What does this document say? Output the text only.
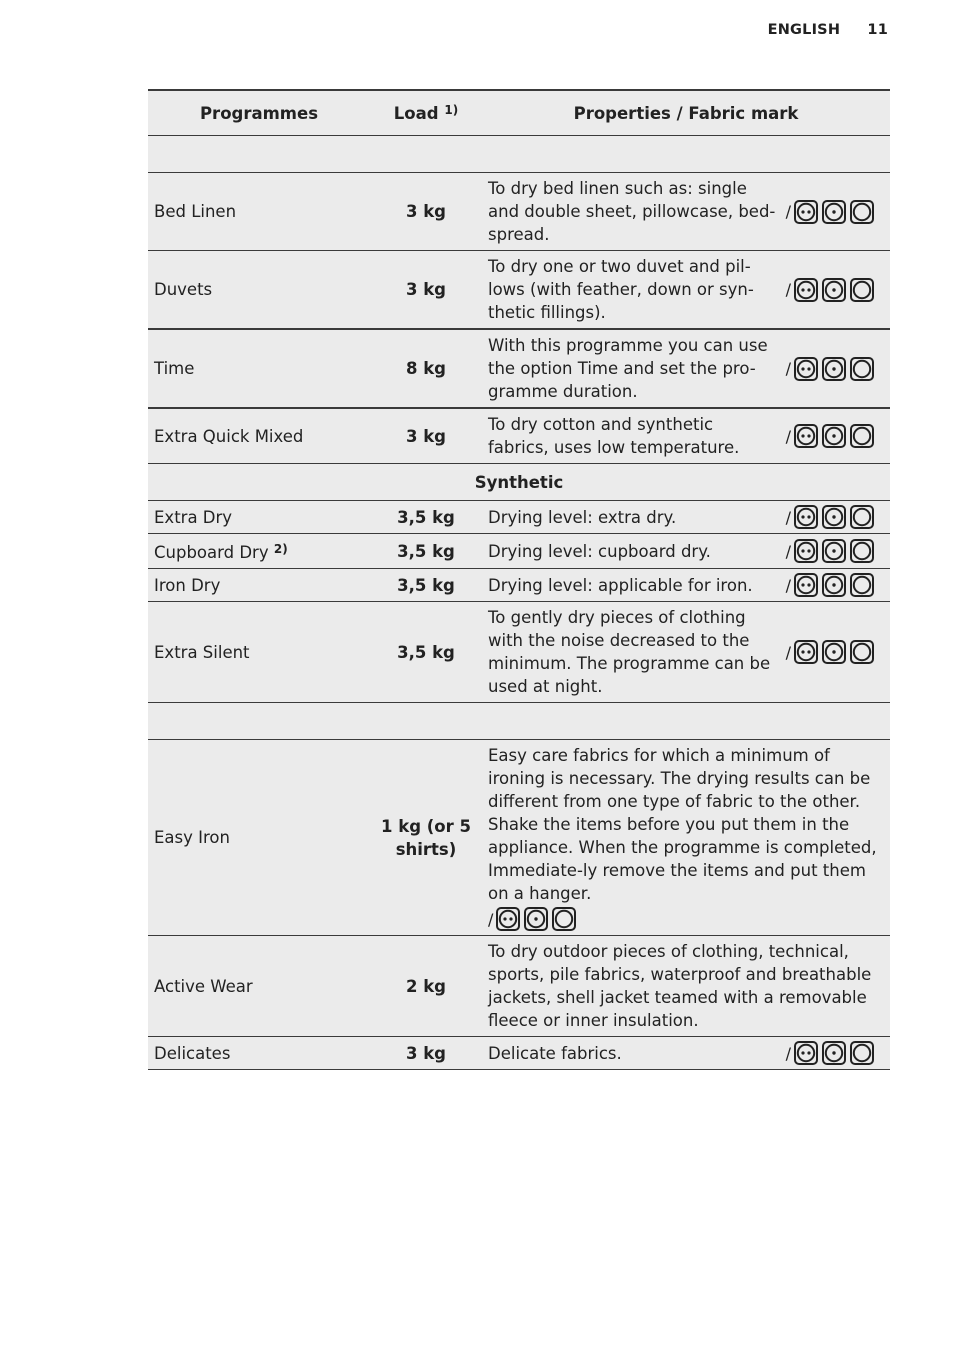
ENGLISH 11
Programmes	Load $^{1)}$	Properties / Fabric mark

Bed Linen	3 kg	To dry bed linen such as: single and double sheet, pillowcase, bed-spread.
/

Duvets	3 kg	To dry one or two duvet and pil-lows (with feather, down or syn-thetic fillings).
/

Time	8 kg	With this programme you can use the option Time and set the pro-gramme duration.
/

Extra Quick Mixed	3 kg	To dry cotton and synthetic fabrics, uses low temperature.
/

Synthetic		
Extra Dry	3,5 kg	Drying level: extra dry. /

Cupboard Dry $^{2)}$	3,5 kg	Drying level: cupboard dry. /

Iron Dry	3,5 kg	Drying level: applicable for iron. /

Extra Silent	3,5 kg	To gently dry pieces of clothing with the noise decreased to the minimum. The programme can be used at night.
/

Easy Iron	1 kg (or 5 shirts)	Easy care fabrics for which a minimum of ironing is necessary. The drying results can be different from one type of fabric to the other. Shake the items before you put them in the appliance. When the programme is completed, Immediate-ly remove the items and put them on a hanger.

/

Active Wear	2 kg	To dry outdoor pieces of clothing, technical, sports, pile fabrics, waterproof and breathable jackets, shell jacket teamed with a removable fleece or inner insulation.
Delicates	3 kg	Delicate fabrics. /
